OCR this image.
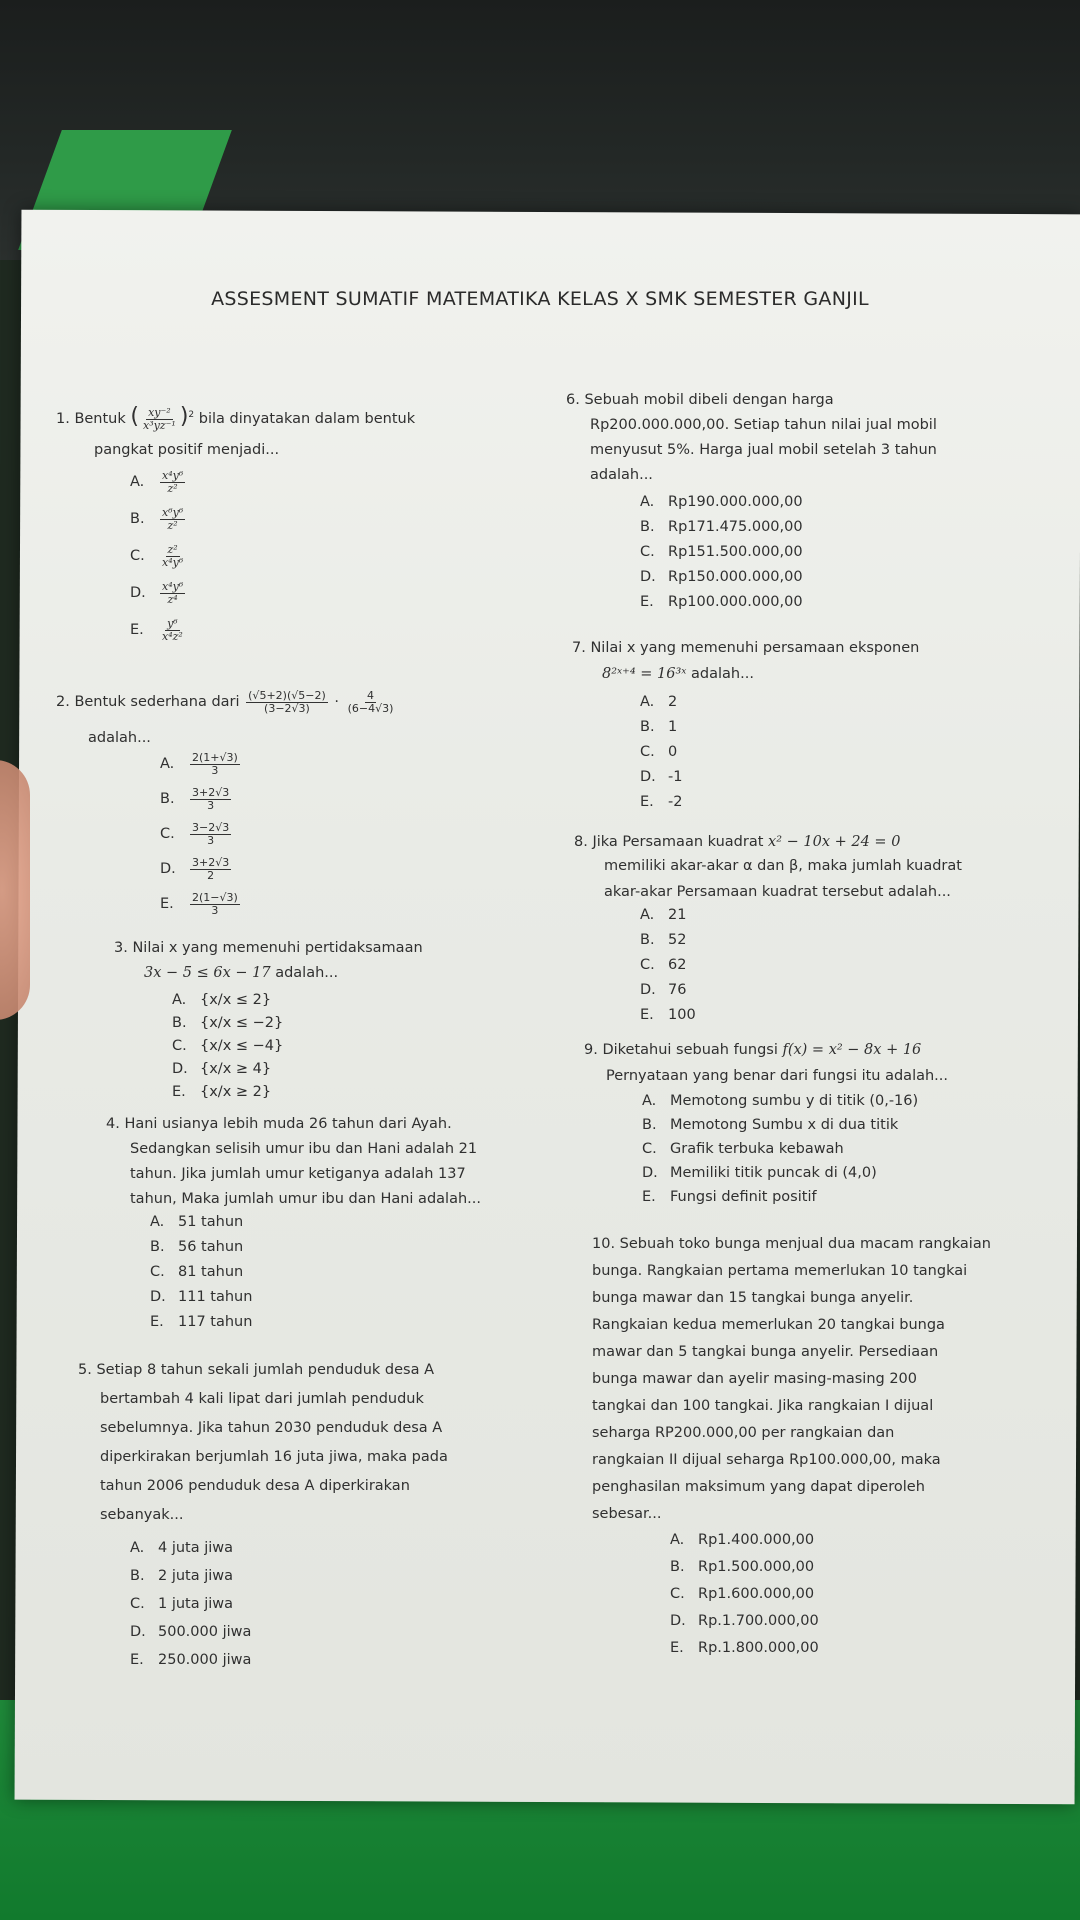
ASSESMENT SUMATIF MATEMATIKA KELAS X SMK SEMESTER GANJIL
1. Bentuk ( $\frac{\text{xy⁻²}}{\text{x³yz⁻¹}} )^2$ bila dinyatakan dalam bentuk
pangkat positif menjadi...
A. $\frac{\text{x⁴y⁶}}{\text{z²}}$
B. $\frac{\text{x⁶y⁶}}{\text{z²}}$
C. $\frac{\text{z²}}{\text{x⁴y⁶}}$
D. $\frac{\text{x⁴y⁶}}{\text{z⁴}}$
E. $\frac{\text{y⁶}}{\text{x⁴z²}}$
2. Bentuk sederhana dari $\frac{(√5+2)(√5-2)}{(3-2√3)} \cdot \frac{4}{(6-4√3)}$
adalah...
A. $\frac{2(1+√3)}{3}$
B. $\frac{3+2√3}{3}$
C. $\frac{3-2√3}{3}$
D. $\frac{3+2√3}{2}$
E. $\frac{2(1-√3)}{3}$
3. Nilai x yang memenuhi pertidaksamaan
3x − 5 ≤ 6x − 17 adalah...
A. {x/x ≤ 2}
B. {x/x ≤ −2}
C. {x/x ≤ −4}
D. {x/x ≥ 4}
E. {x/x ≥ 2}
4. Hani usianya lebih muda 26 tahun dari Ayah.
Sedangkan selisih umur ibu dan Hani adalah 21
tahun. Jika jumlah umur ketiganya adalah 137
tahun, Maka jumlah umur ibu dan Hani adalah...
A. 51 tahun
B. 56 tahun
C. 81 tahun
D. 111 tahun
E. 117 tahun
5. Setiap 8 tahun sekali jumlah penduduk desa A
bertambah 4 kali lipat dari jumlah penduduk
sebelumnya. Jika tahun 2030 penduduk desa A
diperkirakan berjumlah 16 juta jiwa, maka pada
tahun 2006 penduduk desa A diperkirakan
sebanyak...
A. 4 juta jiwa
B. 2 juta jiwa
C. 1 juta jiwa
D. 500.000 jiwa
E. 250.000 jiwa
6. Sebuah mobil dibeli dengan harga
Rp200.000.000,00. Setiap tahun nilai jual mobil
menyusut 5%. Harga jual mobil setelah 3 tahun
adalah...
A. Rp190.000.000,00
B. Rp171.475.000,00
C. Rp151.500.000,00
D. Rp150.000.000,00
E. Rp100.000.000,00
7. Nilai x yang memenuhi persamaan eksponen
8²ˣ⁺⁴ = 16³ˣ adalah...
A. 2
B. 1
C. 0
D. -1
E. -2
8. Jika Persamaan kuadrat x² − 10x + 24 = 0
memiliki akar-akar α dan β, maka jumlah kuadrat
akar-akar Persamaan kuadrat tersebut adalah...
A. 21
B. 52
C. 62
D. 76
E. 100
9. Diketahui sebuah fungsi f(x) = x² − 8x + 16
Pernyataan yang benar dari fungsi itu adalah...
A. Memotong sumbu y di titik (0,-16)
B. Memotong Sumbu x di dua titik
C. Grafik terbuka kebawah
D. Memiliki titik puncak di (4,0)
E. Fungsi definit positif
10. Sebuah toko bunga menjual dua macam rangkaian
bunga. Rangkaian pertama memerlukan 10 tangkai
bunga mawar dan 15 tangkai bunga anyelir.
Rangkaian kedua memerlukan 20 tangkai bunga
mawar dan 5 tangkai bunga anyelir. Persediaan
bunga mawar dan ayelir masing-masing 200
tangkai dan 100 tangkai. Jika rangkaian I dijual
seharga RP200.000,00 per rangkaian dan
rangkaian II dijual seharga Rp100.000,00, maka
penghasilan maksimum yang dapat diperoleh
sebesar...
A. Rp1.400.000,00
B. Rp1.500.000,00
C. Rp1.600.000,00
D. Rp.1.700.000,00
E. Rp.1.800.000,00
